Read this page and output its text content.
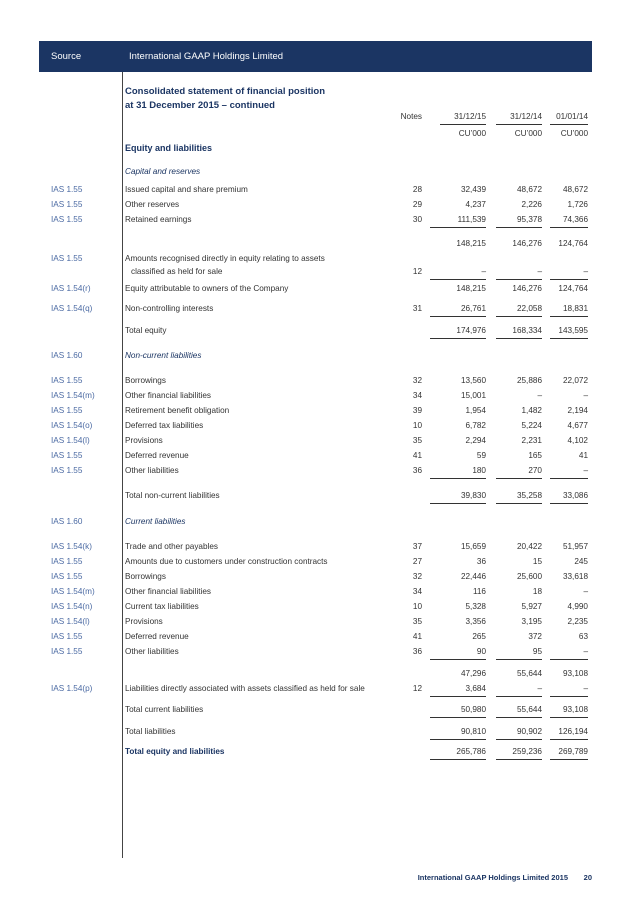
Source	International GAAP Holdings Limited
Consolidated statement of financial position
at 31 December 2015 – continued
Notes	31/12/15	31/12/14	01/01/14
CU’000	CU’000	CU’000
Equity and liabilities
Capital and reserves
IAS 1.55	Issued capital and share premium	28	32,439	48,672	48,672
IAS 1.55	Other reserves	29	4,237	2,226	1,726
IAS 1.55	Retained earnings	30	111,539	95,378	74,366
148,215	146,276	124,764
IAS 1.55	Amounts recognised directly in equity relating to assets
classified as held for sale	12	–	–	–
IAS 1.54(r)	Equity attributable to owners of the Company	148,215	146,276	124,764
IAS 1.54(q)	Non-controlling interests	31	26,761	22,058	18,831
Total equity	174,976	168,334	143,595
IAS 1.60	Non-current liabilities
IAS 1.55	Borrowings	32	13,560	25,886	22,072
IAS 1.54(m)	Other financial liabilities	34	15,001	–	–
IAS 1.55	Retirement benefit obligation	39	1,954	1,482	2,194
IAS 1.54(o)	Deferred tax liabilities	10	6,782	5,224	4,677
IAS 1.54(l)	Provisions	35	2,294	2,231	4,102
IAS 1.55	Deferred revenue	41	59	165	41
IAS 1.55	Other liabilities	36	180	270	–
Total non-current liabilities	39,830	35,258	33,086
IAS 1.60	Current liabilities
IAS 1.54(k)	Trade and other payables	37	15,659	20,422	51,957
IAS 1.55	Amounts due to customers under construction contracts	27	36	15	245
IAS 1.55	Borrowings	32	22,446	25,600	33,618
IAS 1.54(m)	Other financial liabilities	34	116	18	–
IAS 1.54(n)	Current tax liabilities	10	5,328	5,927	4,990
IAS 1.54(l)	Provisions	35	3,356	3,195	2,235
IAS 1.55	Deferred revenue	41	265	372	63
IAS 1.55	Other liabilities	36	90	95	–
47,296	55,644	93,108
IAS 1.54(p)	Liabilities directly associated with assets classified as held for sale	12	3,684	–	–
Total current liabilities	50,980	55,644	93,108
Total liabilities	90,810	90,902	126,194
Total equity and liabilities	265,786	259,236	269,789
International GAAP Holdings Limited 2015 20
